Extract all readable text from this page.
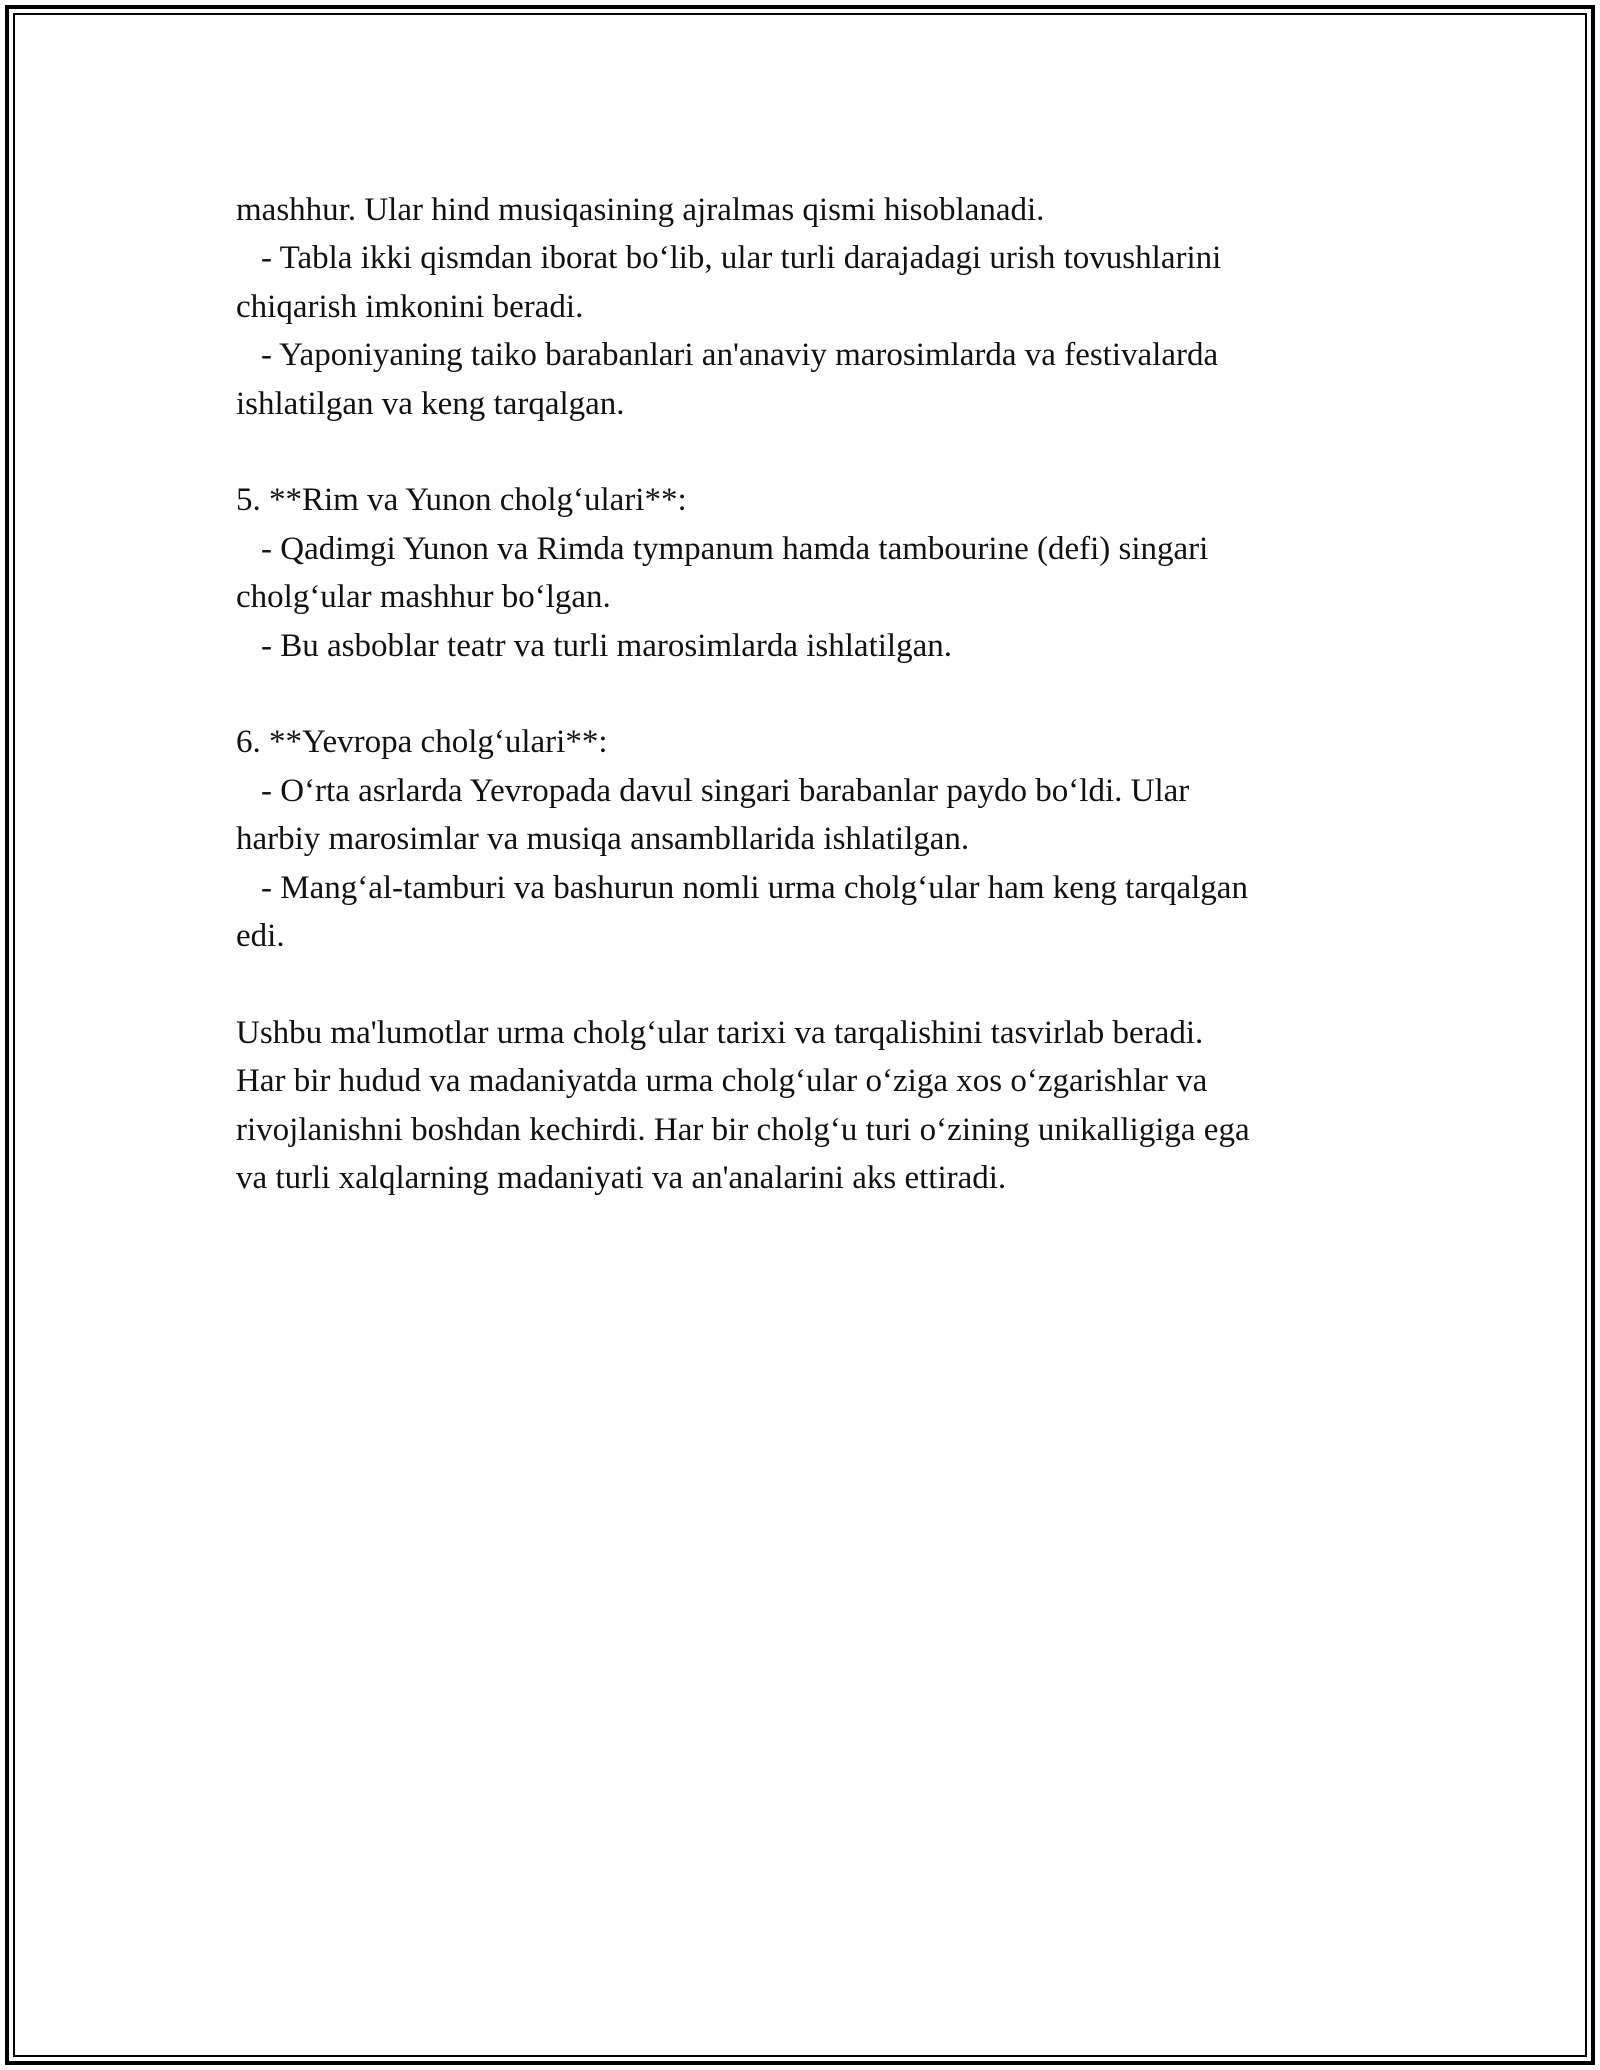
mashhur. Ular hind musiqasining ajralmas qismi hisoblanadi.

- Tabla ikki qismdan iborat bo‘lib, ular turli darajadagi urish tovushlarini

chiqarish imkonini beradi.

- Yaponiyaning taiko barabanlari an'anaviy marosimlarda va festivalarda

ishlatilgan va keng tarqalgan.

5. **Rim va Yunon cholg‘ulari**:

- Qadimgi Yunon va Rimda tympanum hamda tambourine (defi) singari

cholg‘ular mashhur bo‘lgan.

- Bu asboblar teatr va turli marosimlarda ishlatilgan.

6. **Yevropa cholg‘ulari**:

- O‘rta asrlarda Yevropada davul singari barabanlar paydo bo‘ldi. Ular

harbiy marosimlar va musiqa ansambllarida ishlatilgan.

- Mang‘al-tamburi va bashurun nomli urma cholg‘ular ham keng tarqalgan

edi.

Ushbu ma'lumotlar urma cholg‘ular tarixi va tarqalishini tasvirlab beradi.

Har bir hudud va madaniyatda urma cholg‘ular o‘ziga xos o‘zgarishlar va

rivojlanishni boshdan kechirdi. Har bir cholg‘u turi o‘zining unikalligiga ega

va turli xalqlarning madaniyati va an'analarini aks ettiradi.
